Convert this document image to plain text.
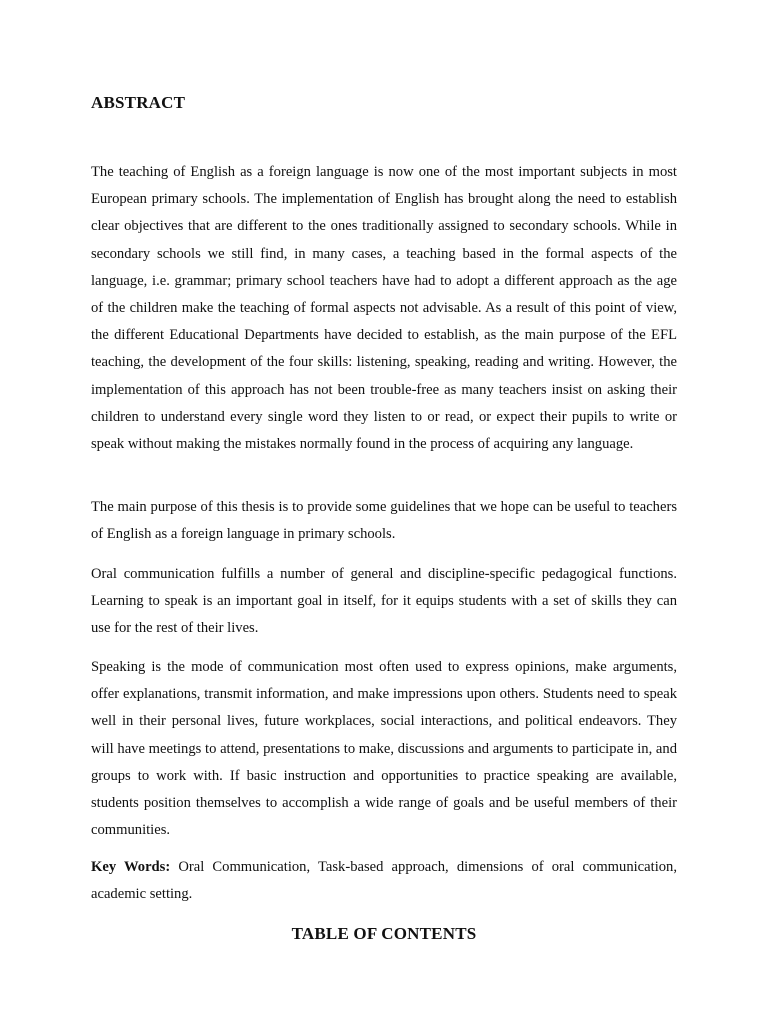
ABSTRACT

The teaching of English as a foreign language is now one of the most important subjects in most European primary schools. The implementation of English has brought along the need to establish clear objectives that are different to the ones traditionally assigned to secondary schools. While in secondary schools we still find, in many cases, a teaching based in the formal aspects of the language, i.e. grammar; primary school teachers have had to adopt a different approach as the age of the children make the teaching of formal aspects not advisable. As a result of this point of view, the different Educational Departments have decided to establish, as the main purpose of the EFL teaching, the development of the four skills: listening, speaking, reading and writing. However, the implementation of this approach has not been trouble-free as many teachers insist on asking their children to understand every single word they listen to or read, or expect their pupils to write or speak without making the mistakes normally found in the process of acquiring any language.

The main purpose of this thesis is to provide some guidelines that we hope can be useful to teachers of English as a foreign language in primary schools.

Oral communication fulfills a number of general and discipline-specific pedagogical functions. Learning to speak is an important goal in itself, for it equips students with a set of skills they can use for the rest of their lives.

Speaking is the mode of communication most often used to express opinions, make arguments, offer explanations, transmit information, and make impressions upon others. Students need to speak well in their personal lives, future workplaces, social interactions, and political endeavors. They will have meetings to attend, presentations to make, discussions and arguments to participate in, and groups to work with. If basic instruction and opportunities to practice speaking are available, students position themselves to accomplish a wide range of goals and be useful members of their communities.

Key Words: Oral Communication, Task-based approach, dimensions of oral communication, academic setting.

TABLE OF CONTENTS
